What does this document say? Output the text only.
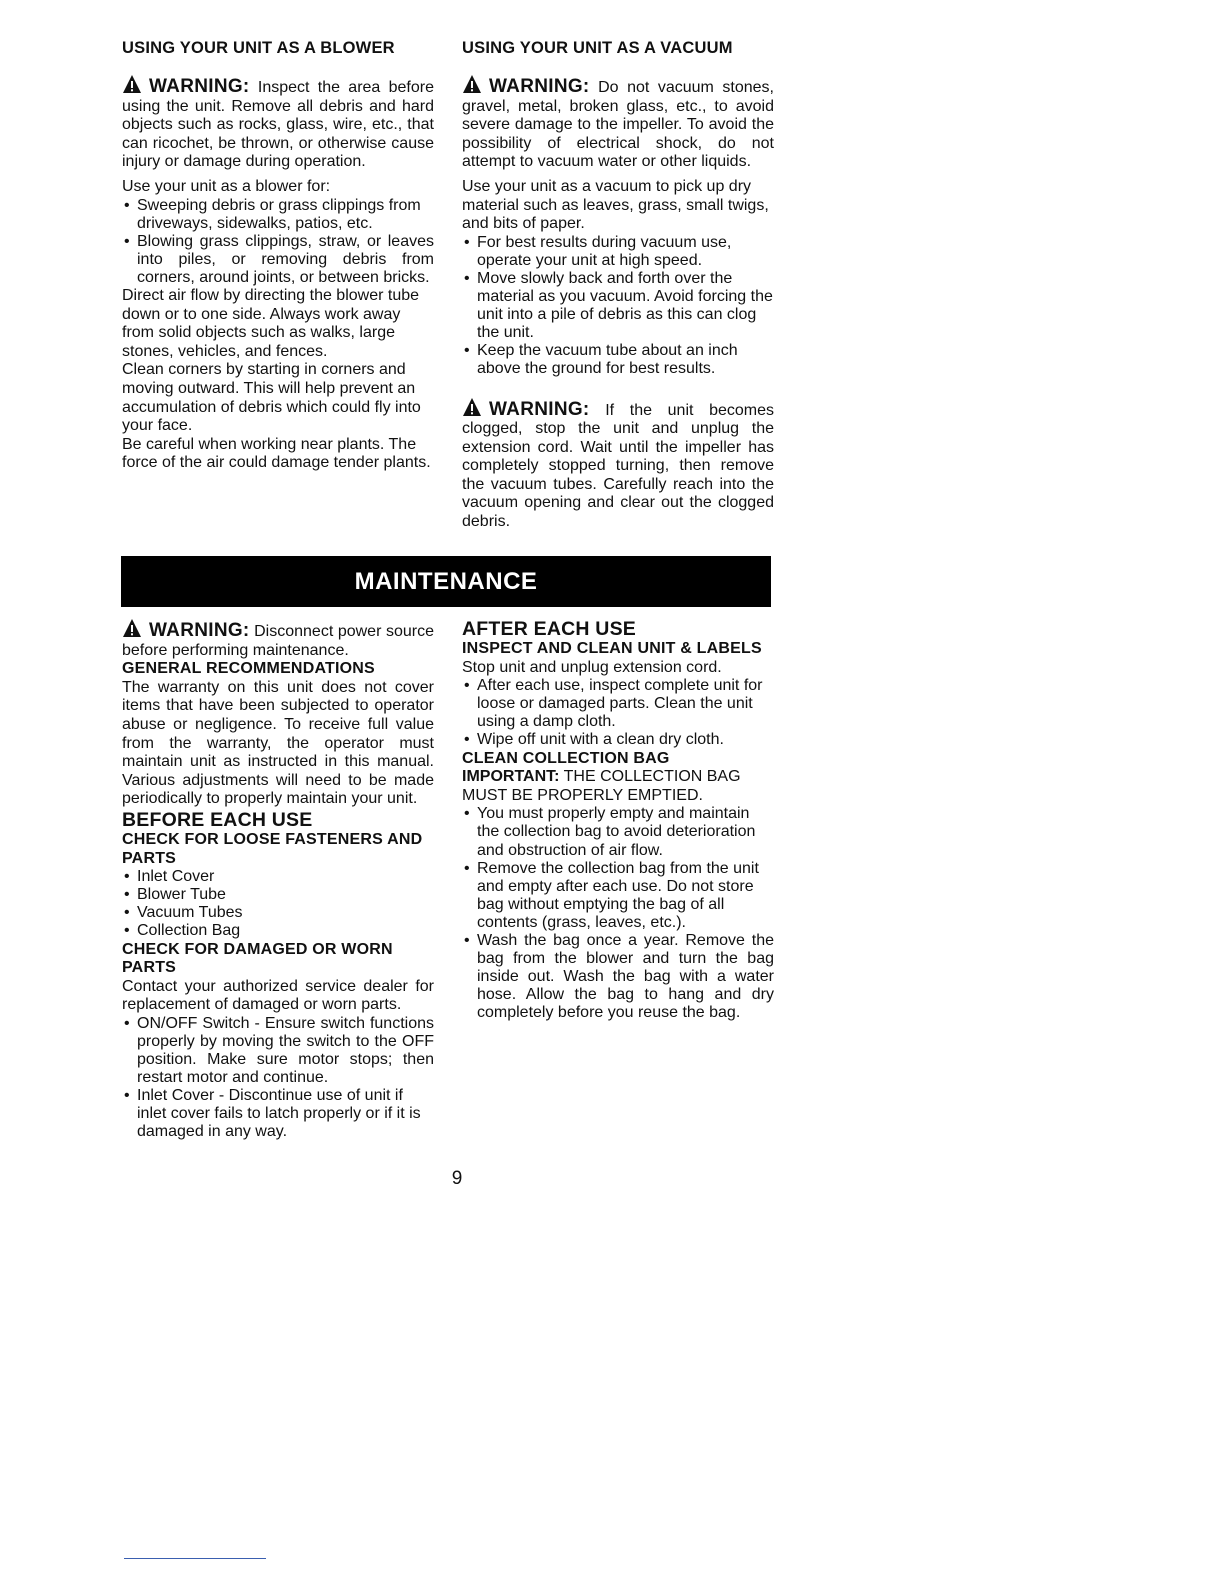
USING YOUR UNIT AS A BLOWER
WARNING: Inspect the area before using the unit. Remove all debris and hard objects such as rocks, glass, wire, etc., that can ricochet, be thrown, or otherwise cause injury or damage during operation.

Use your unit as a blower for:

• Sweeping debris or grass clippings from driveways, sidewalks, patios, etc.
• Blowing grass clippings, straw, or leaves into piles, or removing debris from corners, around joints, or between bricks.

Direct air flow by directing the blower tube down or to one side. Always work away from solid objects such as walks, large stones, vehicles, and fences.

Clean corners by starting in corners and moving outward. This will help prevent an accumulation of debris which could fly into your face.

Be careful when working near plants. The force of the air could damage tender plants.

USING YOUR UNIT AS A VACUUM
WARNING: Do not vacuum stones, gravel, metal, broken glass, etc., to avoid severe damage to the impeller. To avoid the possibility of electrical shock, do not attempt to vacuum water or other liquids.

Use your unit as a vacuum to pick up dry material such as leaves, grass, small twigs, and bits of paper.

• For best results during vacuum use, operate your unit at high speed.
• Move slowly back and forth over the material as you vacuum. Avoid forcing the unit into a pile of debris as this can clog the unit.
• Keep the vacuum tube about an inch above the ground for best results.
WARNING: If the unit becomes clogged, stop the unit and unplug the extension cord. Wait until the impeller has completely stopped turning, then remove the vacuum tubes. Carefully reach into the vacuum opening and clear out the clogged debris.
MAINTENANCE
WARNING: Disconnect power source before performing maintenance.
GENERAL RECOMMENDATIONS

The warranty on this unit does not cover items that have been subjected to operator abuse or negligence. To receive full value from the warranty, the operator must maintain unit as instructed in this manual. Various adjustments will need to be made periodically to properly maintain your unit.

BEFORE EACH USE
CHECK FOR LOOSE FASTENERS AND PARTS
• Inlet Cover
• Blower Tube
• Vacuum Tubes
• Collection Bag
CHECK FOR DAMAGED OR WORN PARTS

Contact your authorized service dealer for replacement of damaged or worn parts.

• ON/OFF Switch - Ensure switch functions properly by moving the switch to the OFF position. Make sure motor stops; then restart motor and continue.
• Inlet Cover - Discontinue use of unit if inlet cover fails to latch properly or if it is damaged in any way.
AFTER EACH USE
INSPECT AND CLEAN UNIT & LABELS

Stop unit and unplug extension cord.

• After each use, inspect complete unit for loose or damaged parts. Clean the unit using a damp cloth.
• Wipe off unit with a clean dry cloth.
CLEAN COLLECTION BAG

IMPORTANT: THE COLLECTION BAG MUST BE PROPERLY EMPTIED.

• You must properly empty and maintain the collection bag to avoid deterioration and obstruction of air flow.
• Remove the collection bag from the unit and empty after each use. Do not store bag without emptying the bag of all contents (grass, leaves, etc.).
• Wash the bag once a year. Remove the bag from the blower and turn the bag inside out. Wash the bag with a water hose. Allow the bag to hang and dry completely before you reuse the bag.
9
